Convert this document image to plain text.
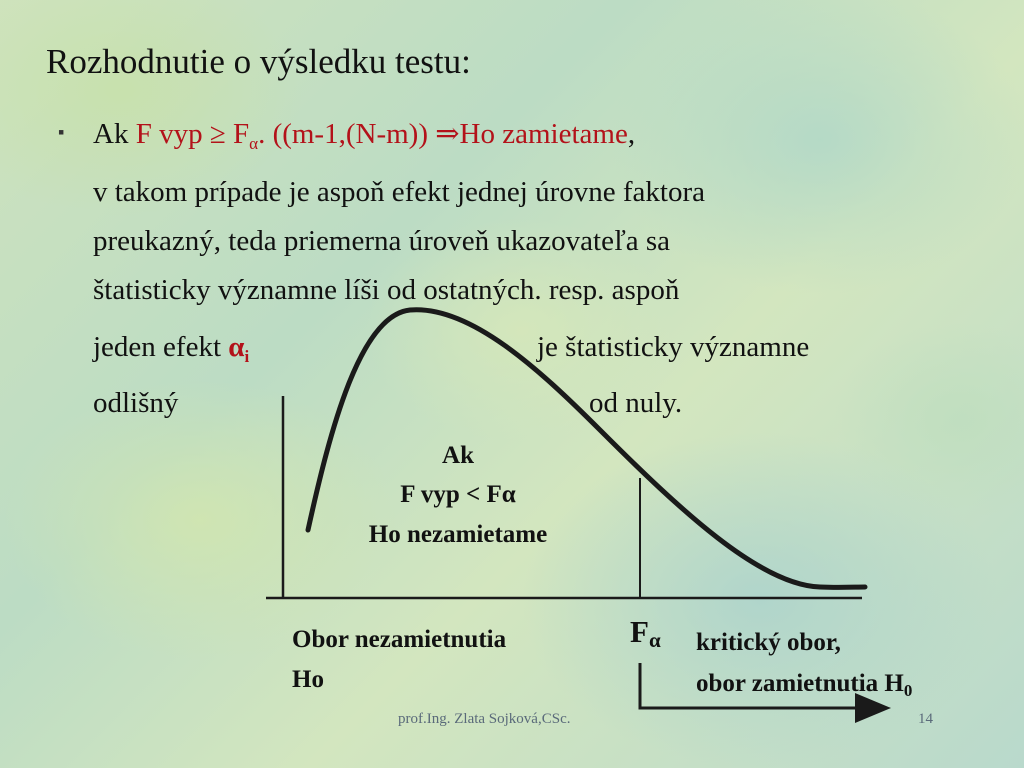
Rozhodnutie o výsledku testu:
▪ Ak F vyp ≥ $F_\alpha$. ((m-1,(N-m)) ⇒Ho zamietame,
v takom prípade je aspoň efekt jednej úrovne faktora
preukazný, teda priemerna úroveň ukazovateľa sa
štatisticky významne líši od ostatných. resp. aspoň
jeden efekt $\alpha_i$	je štatisticky významne
odlišný	od nuly.
Ak
F vyp < Fα
Ho nezamietame
Obor nezamietnutia
Ho
$F_\alpha$ kritický obor,
obor zamietnutia $H_0$
prof.Ing. Zlata Sojková,CSc.	14
